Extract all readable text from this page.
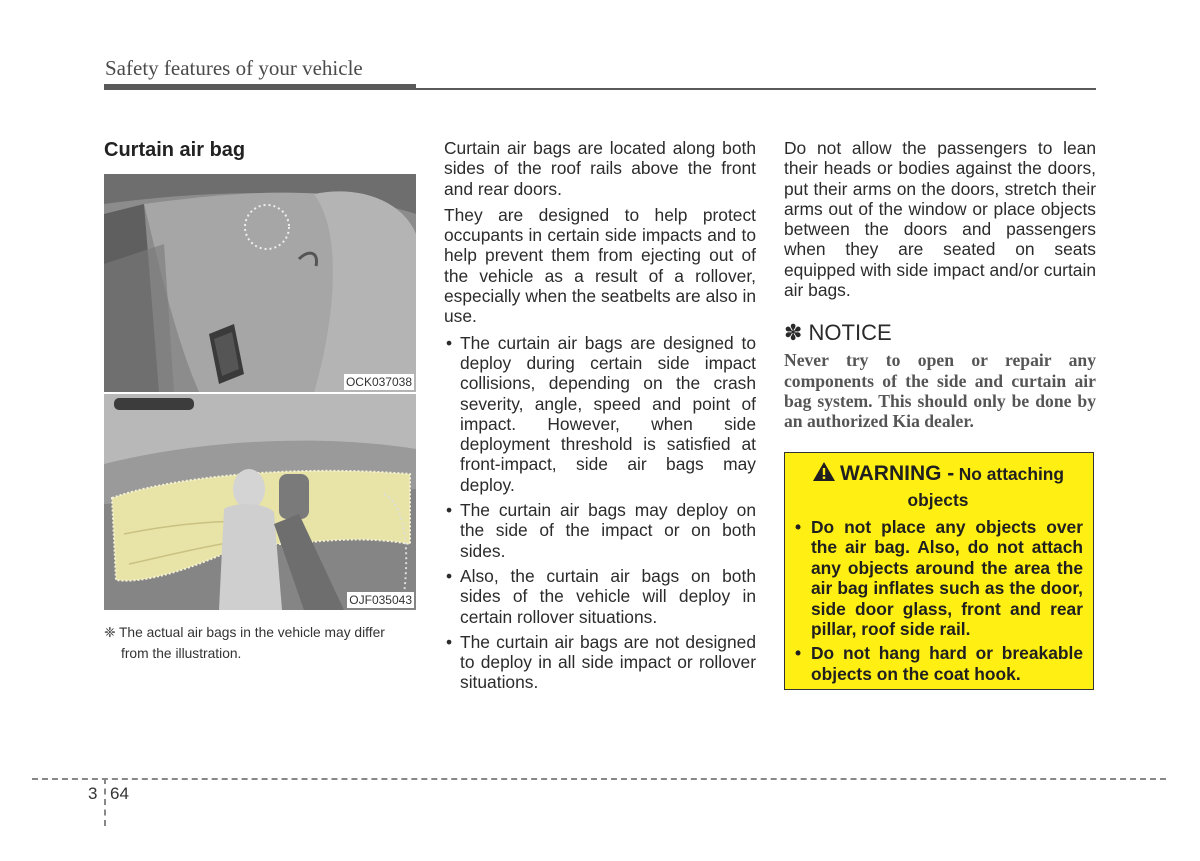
Safety features of your vehicle
Curtain air bag
OCK037038
OJF035043
❈ The actual air bags in the vehicle may differ
from the illustration.

Curtain air bags are located along both sides of the roof rails above the front and rear doors.

They are designed to help protect occupants in certain side impacts and to help prevent them from ejecting out of the vehicle as a result of a rollover, especially when the seatbelts are also in use.

• The curtain air bags are designed to deploy during certain side impact collisions, depending on the crash severity, angle, speed and point of impact. However, when side deployment threshold is satisfied at front-impact, side air bags may deploy.
• The curtain air bags may deploy on the side of the impact or on both sides.
• Also, the curtain air bags on both sides of the vehicle will deploy in certain rollover situations.
• The curtain air bags are not designed to deploy in all side impact or rollover situations.

Do not allow the passengers to lean their heads or bodies against the doors, put their arms on the doors, stretch their arms out of the window or place objects between the doors and passengers when they are seated on seats equipped with side impact and/or curtain air bags.

✽ NOTICE
Never try to open or repair any components of the side and curtain air bag system. This should only be done by an authorized Kia dealer.
WARNING - No attaching objects
• Do not place any objects over the air bag. Also, do not attach any objects around the area the air bag inflates such as the door, side door glass, front and rear pillar, roof side rail.
• Do not hang hard or breakable objects on the coat hook.
3 64
